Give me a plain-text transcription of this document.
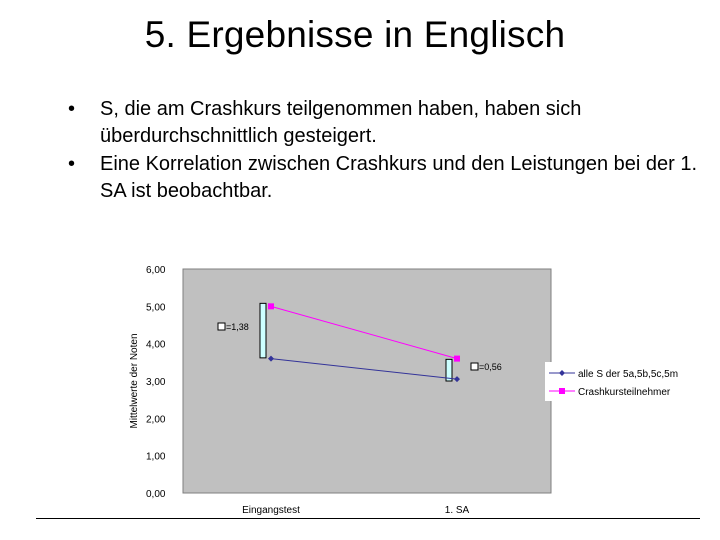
5. Ergebnisse in Englisch
• S, die am Crashkurs teilgenommen haben, haben sich überdurchschnittlich gesteigert.
• Eine Korrelation zwischen Crashkurs und den Leistungen bei der 1. SA ist beobachtbar.
0,00
1,00
2,00
3,00
4,00
5,00
6,00
Mittelwerte der Noten
Eingangstest	1. SA
=1,38
=0,56
alle S der 5a,5b,5c,5m
Crashkursteilnehmer
